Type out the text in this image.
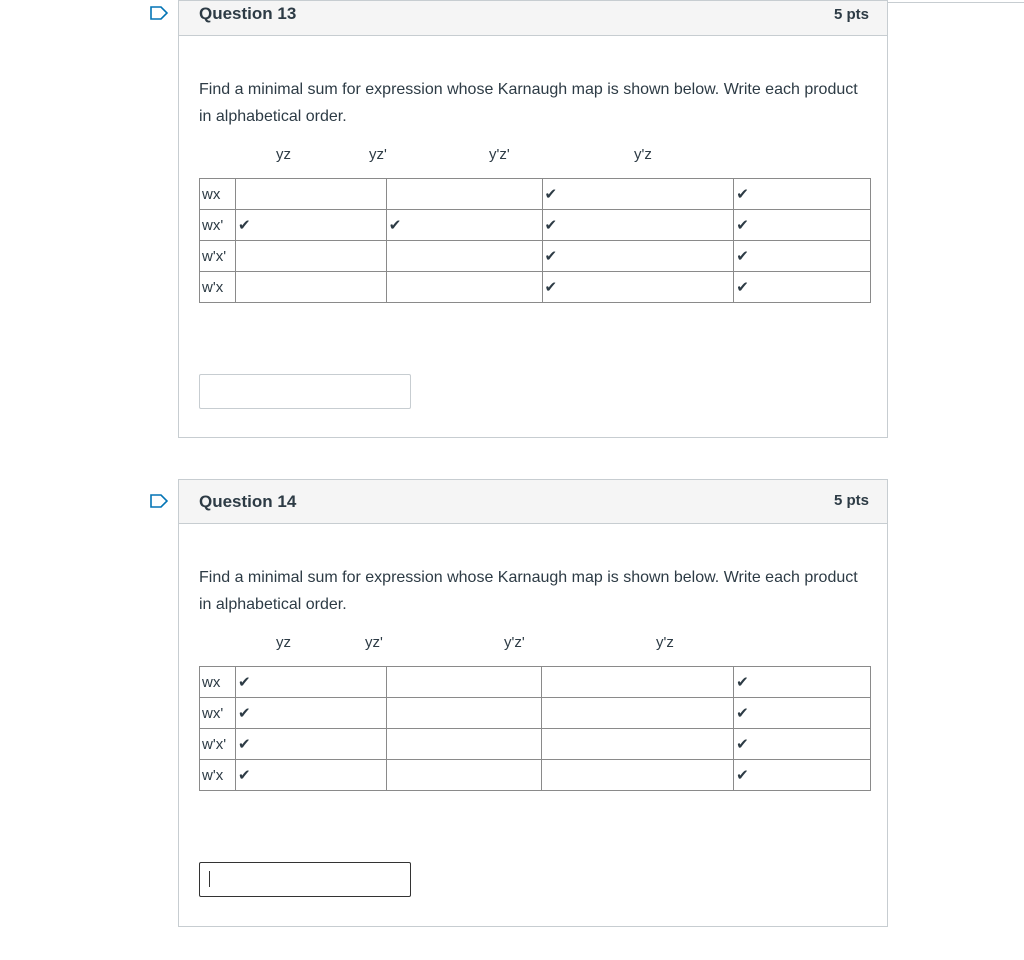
Question 13	5 pts
Find a minimal sum for expression whose Karnaugh map is shown below. Write each product in alphabetical order.
yz	yz'	y'z'	y'z
wx			✔	✔
wx'	✔	✔	✔	✔
w'x'			✔	✔
w'x			✔	✔
Question 14	5 pts
Find a minimal sum for expression whose Karnaugh map is shown below. Write each product in alphabetical order.
yz	yz'	y'z'	y'z
wx	✔			✔
wx'	✔			✔
w'x'	✔			✔
w'x	✔			✔
